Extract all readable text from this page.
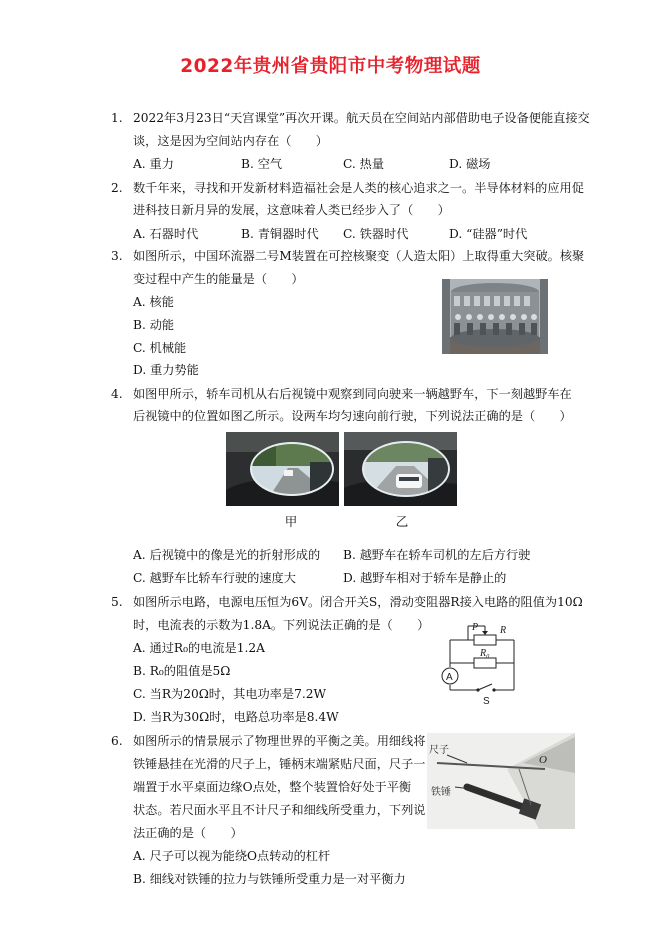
2022年贵州省贵阳市中考物理试题
1. 2022年3月23日“天宫课堂”再次开课。航天员在空间站内部借助电子设备便能直接交
谈，这是因为空间站内存在（　　）
A. 重力	B. 空气	C. 热量	D. 磁场
2. 数千年来，寻找和开发新材料造福社会是人类的核心追求之一。半导体材料的应用促
进科技日新月异的发展，这意味着人类已经步入了（　　）
A. 石器时代	B. 青铜器时代 C. 铁器时代	D. “硅器”时代
3. 如图所示，中国环流器二号M装置在可控核聚变（人造太阳）上取得重大突破。核聚
变过程中产生的能量是（　　）
A. 核能
B. 动能
C. 机械能
D. 重力势能
4. 如图甲所示，轿车司机从右后视镜中观察到同向驶来一辆越野车，下一刻越野车在
后视镜中的位置如图乙所示。设两车均匀速向前行驶，下列说法正确的是（　　）
甲	乙
A. 后视镜中的像是光的折射形成的 B. 越野车在轿车司机的左后方行驶
C. 越野车比轿车行驶的速度大	D. 越野车相对于轿车是静止的
5. 如图所示电路，电源电压恒为6V。闭合开关S，滑动变阻器R接入电路的阻值为10Ω
时，电流表的示数为1.8A。下列说法正确的是（　　）
A. 通过R₀的电流是1.2A
B. R₀的阻值是5Ω
C. 当R为20Ω时，其电功率是7.2W
D. 当R为30Ω时，电路总功率是8.4W
P R
R₀
A
S
6. 如图所示的情景展示了物理世界的平衡之美。用细线将
铁锤悬挂在光滑的尺子上，锤柄末端紧贴尺面，尺子一
端置于水平桌面边缘O点处，整个装置恰好处于平衡
状态。若尺面水平且不计尺子和细线所受重力，下列说
法正确的是（　　）
A. 尺子可以视为能绕O点转动的杠杆
B. 细线对铁锤的拉力与铁锤所受重力是一对平衡力
尺子
铁锤
O
